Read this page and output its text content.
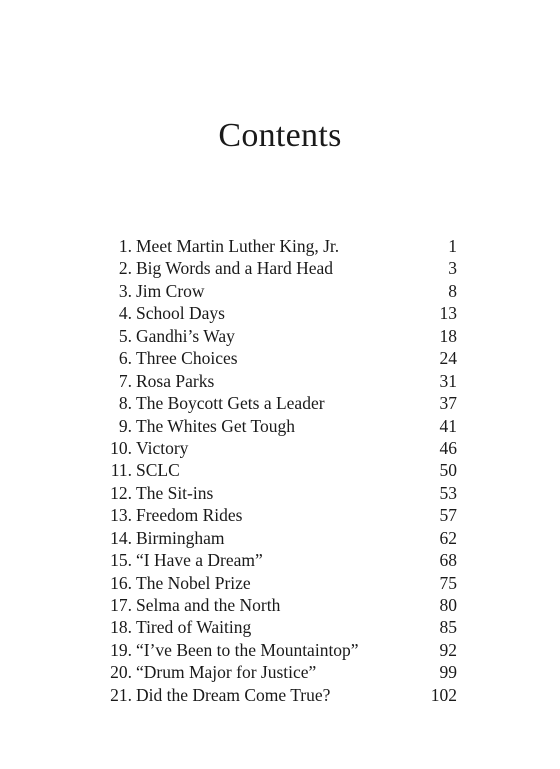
Contents
1. Meet Martin Luther King, Jr.	1
2. Big Words and a Hard Head	3
3. Jim Crow	8
4. School Days	13
5. Gandhi’s Way	18
6. Three Choices	24
7. Rosa Parks	31
8. The Boycott Gets a Leader	37
9. The Whites Get Tough	41
10. Victory	46
11. SCLC	50
12. The Sit-ins	53
13. Freedom Rides	57
14. Birmingham	62
15. “I Have a Dream”	68
16. The Nobel Prize	75
17. Selma and the North	80
18. Tired of Waiting	85
19. “I’ve Been to the Mountaintop”	92
20. “Drum Major for Justice”	99
21. Did the Dream Come True?	102
